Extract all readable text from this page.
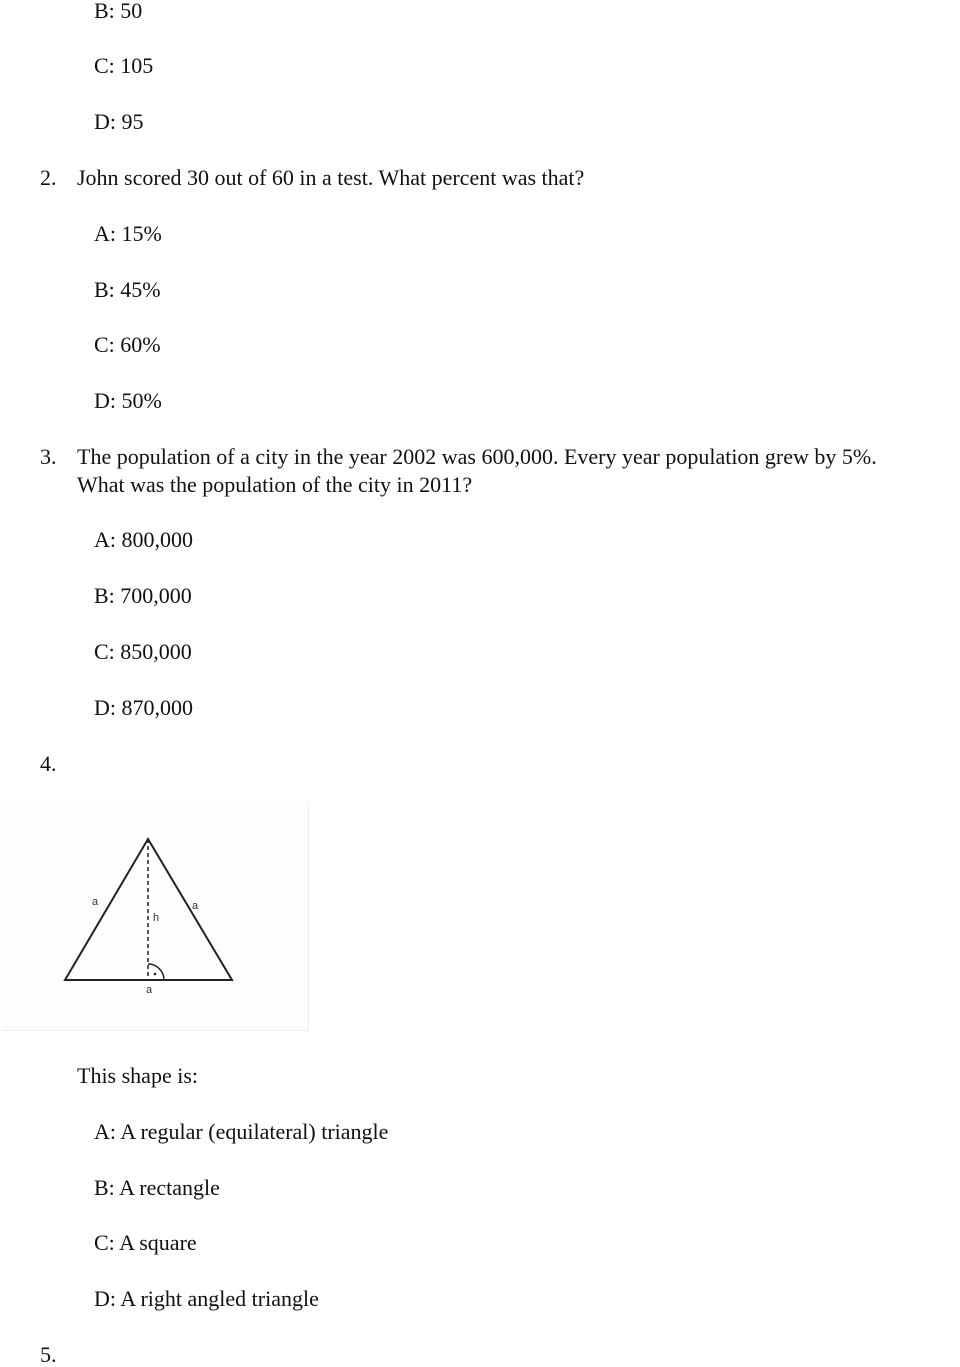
B: 50
C: 105
D: 95
2. John scored 30 out of 60 in a test. What percent was that?
A: 15%
B: 45%
C: 60%
D: 50%
3. The population of a city in the year 2002 was 600,000. Every year population grew by 5%.
What was the population of the city in 2011?
A: 800,000
B: 700,000
C: 850,000
D: 870,000
4.
a
h
a
a
This shape is:
A: A regular (equilateral) triangle
B: A rectangle
C: A square
D: A right angled triangle
5.
